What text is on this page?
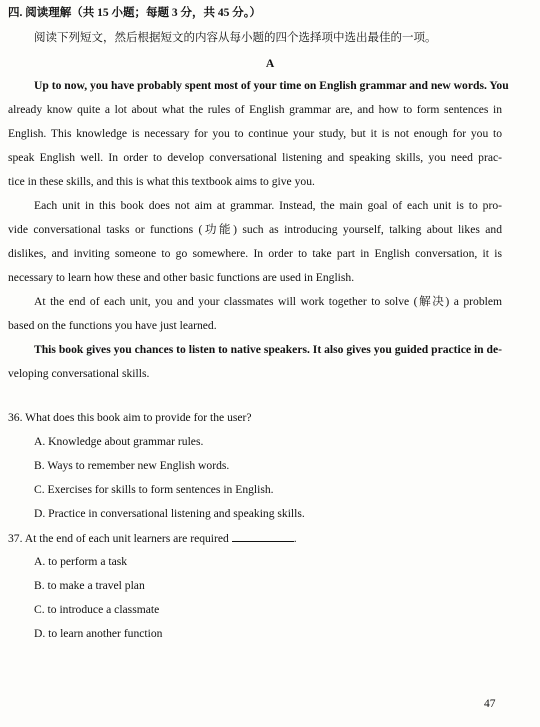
四. 阅读理解（共 15 小题；每题 3 分，共 45 分。）
阅读下列短文，然后根据短文的内容从每小题的四个选择项中选出最佳的一项。
A
Up to now, you have probably spent most of your time on English grammar and new words. You
already know quite a lot about what the rules of English grammar are, and how to form sentences in
English. This knowledge is necessary for you to continue your study, but it is not enough for you to
speak English well. In order to develop conversational listening and speaking skills, you need prac-
tice in these skills, and this is what this textbook aims to give you.
Each unit in this book does not aim at grammar. Instead, the main goal of each unit is to pro-
vide conversational tasks or functions (功能) such as introducing yourself, talking about likes and
dislikes, and inviting someone to go somewhere. In order to take part in English conversation, it is
necessary to learn how these and other basic functions are used in English.
At the end of each unit, you and your classmates will work together to solve (解决) a problem
based on the functions you have just learned.
This book gives you chances to listen to native speakers. It also gives you guided practice in de-
veloping conversational skills.
36. What does this book aim to provide for the user?
A. Knowledge about grammar rules.
B. Ways to remember new English words.
C. Exercises for skills to form sentences in English.
D. Practice in conversational listening and speaking skills.
37. At the end of each unit learners are required	.
A. to perform a task
B. to make a travel plan
C. to introduce a classmate
D. to learn another function
47
